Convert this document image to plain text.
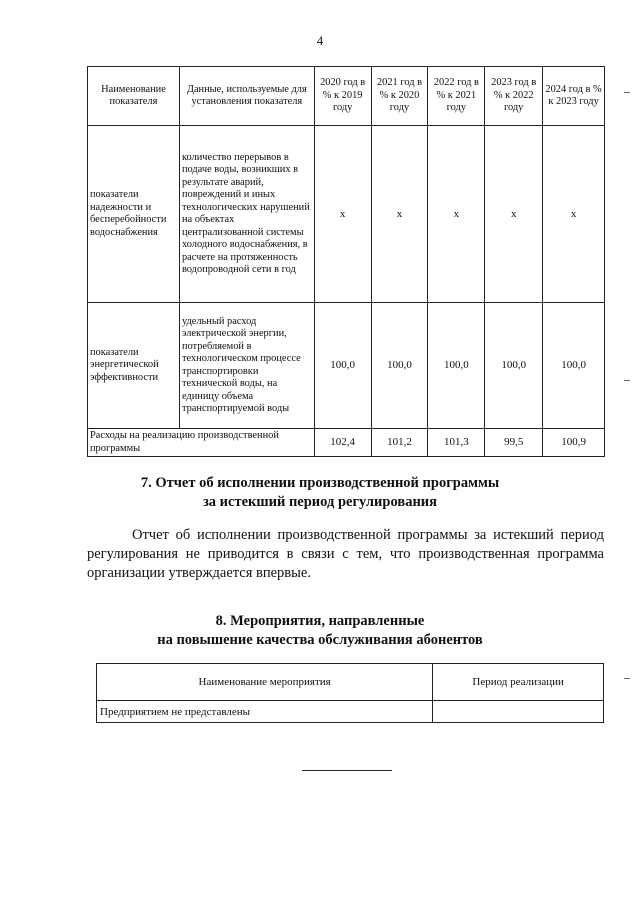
4
Наименование показателя	Данные, используемые для установления показателя	2020 год в % к 2019 году	2021 год в % к 2020 году	2022 год в % к 2021 году	2023 год в % к 2022 году	2024 год в % к 2023 году
показатели надежности и бесперебойности водоснабжения	количество перерывов в подаче воды, возникших в результате аварий, повреждений и иных технологических нарушений на объектах централизованной системы холодного водоснабжения, в расчете на протяженность водопроводной сети в год	x	x	x	x	x
показатели энергетической эффективности	удельный расход электрической энергии, потребляемой в технологическом процессе транспортировки технической воды, на единицу объема транспортируемой воды	100,0	100,0	100,0	100,0	100,0
Расходы на реализацию производственной программы		102,4	101,2	101,3	99,5	100,9
7. Отчет об исполнении производственной программы
за истекший период регулирования

Отчет об исполнении производственной программы за истекший период регулирования не приводится в связи с тем, что производственная программа организации утверждается впервые.

8. Мероприятия, направленные
на повышение качества обслуживания абонентов
Наименование мероприятия	Период реализации
Предприятием не представлены	
